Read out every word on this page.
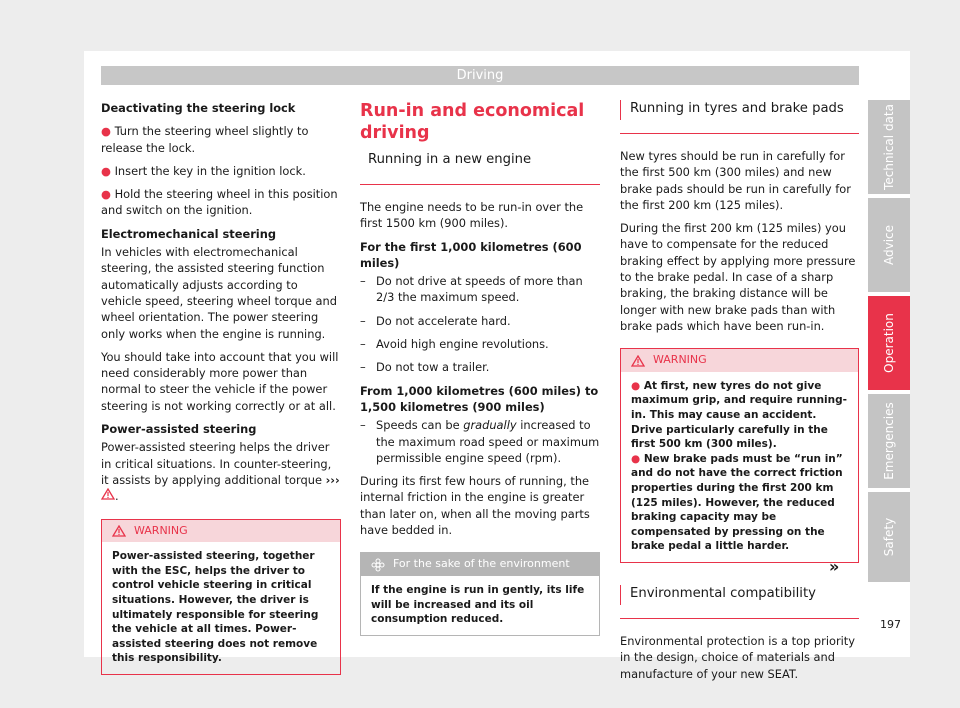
Driving

Deactivating the steering lock

● Turn the steering wheel slightly to release the lock.

● Insert the key in the ignition lock.

● Hold the steering wheel in this position and switch on the ignition.

Electromechanical steering

In vehicles with electromechanical steering, the assisted steering function automatically adjusts according to vehicle speed, steering wheel torque and wheel orientation. The power steering only works when the engine is running.

You should take into account that you will need considerably more power than normal to steer the vehicle if the power steering is not working correctly or at all.

Power-assisted steering

Power-assisted steering helps the driver in critical situations. In counter-steering, it assists by applying additional torque ››› .

WARNING
Power-assisted steering, together with the ESC, helps the driver to control vehicle steering in critical situations. However, the driver is ultimately responsible for steering the vehicle at all times. Power-assisted steering does not remove this responsibility.

Run-in and economical driving

Running in a new engine

The engine needs to be run-in over the first 1500 km (900 miles).

For the first 1,000 kilometres (600 miles)

– Do not drive at speeds of more than 2/3 the maximum speed.

– Do not accelerate hard.

– Avoid high engine revolutions.

– Do not tow a trailer.

From 1,000 kilometres (600 miles) to 1,500 kilometres (900 miles)

– Speeds can be gradually increased to the maximum road speed or maximum permissible engine speed (rpm).

During its first few hours of running, the internal friction in the engine is greater than later on, when all the moving parts have bedded in.

For the sake of the environment
If the engine is run in gently, its life will be increased and its oil consumption reduced.

Running in tyres and brake pads

New tyres should be run in carefully for the first 500 km (300 miles) and new brake pads should be run in carefully for the first 200 km (125 miles).

During the first 200 km (125 miles) you have to compensate for the reduced braking effect by applying more pressure to the brake pedal. In case of a sharp braking, the braking distance will be longer with new brake pads than with brake pads which have been run-in.

WARNING

● At first, new tyres do not give maximum grip, and require running-in. This may cause an accident. Drive particularly carefully in the first 500 km (300 miles).

● New brake pads must be “run in” and do not have the correct friction properties during the first 200 km (125 miles). However, the reduced braking capacity may be compensated by pressing on the brake pedal a little harder.

Environmental compatibility

Environmental protection is a top priority in the design, choice of materials and manufacture of your new SEAT.

»
Technical data
Advice
Operation
Emergencies
Safety
197
